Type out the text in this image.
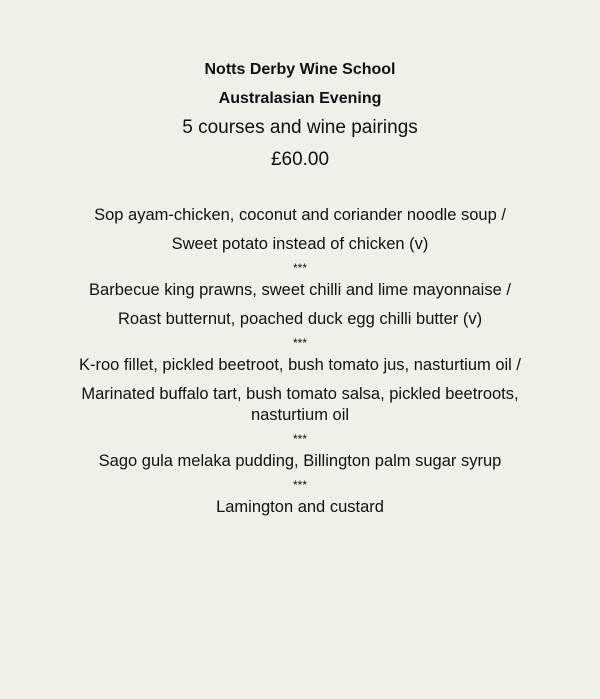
Notts Derby Wine School
Australasian Evening
5 courses and wine pairings
£60.00
Sop ayam-chicken, coconut and coriander noodle soup /
Sweet potato instead of chicken (v)
***
Barbecue king prawns, sweet chilli and lime mayonnaise /
Roast butternut, poached duck egg chilli butter (v)
***
K-roo fillet, pickled beetroot, bush tomato jus, nasturtium oil /
Marinated buffalo tart, bush tomato salsa, pickled beetroots, nasturtium oil
***
Sago gula melaka pudding, Billington palm sugar syrup
***
Lamington and custard
